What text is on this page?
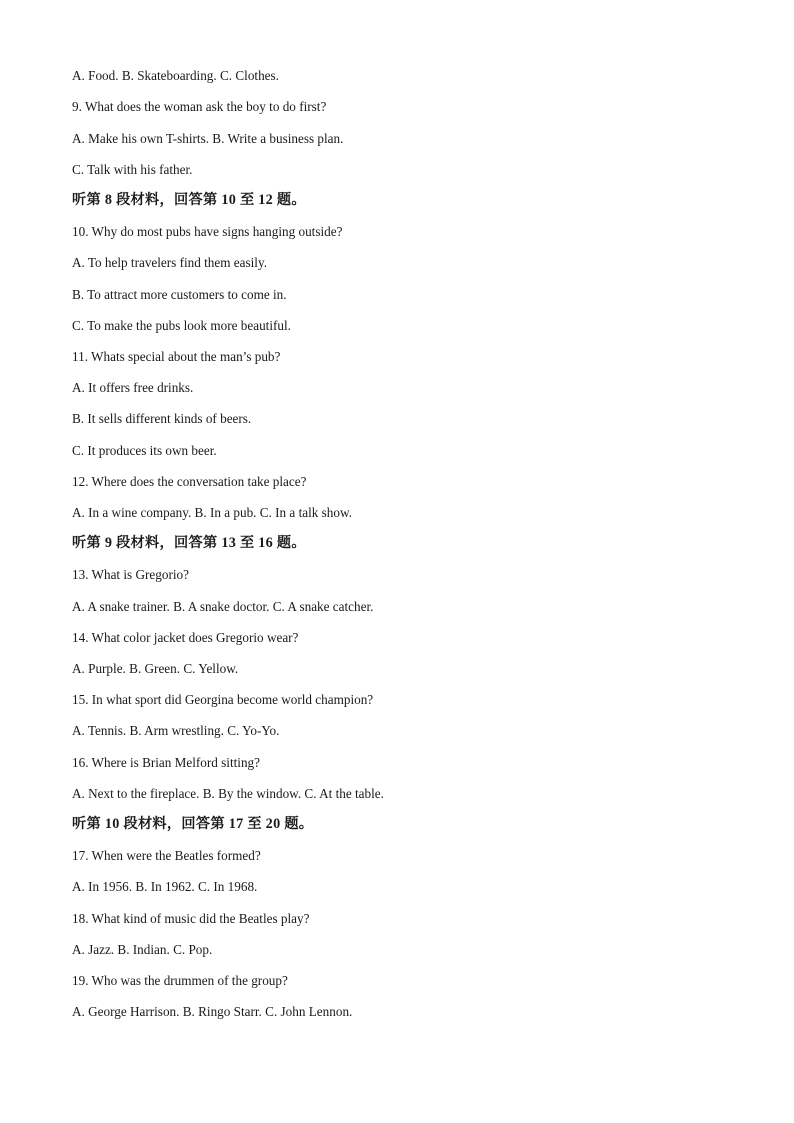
A. Food. B. Skateboarding. C. Clothes.
9. What does the woman ask the boy to do first?
A. Make his own T-shirts. B. Write a business plan.
C. Talk with his father.
听第 8 段材料，回答第 10 至 12 题。
10. Why do most pubs have signs hanging outside?
A. To help travelers find them easily.
B. To attract more customers to come in.
C. To make the pubs look more beautiful.
11. Whats special about the man’s pub?
A. It offers free drinks.
B. It sells different kinds of beers.
C. It produces its own beer.
12. Where does the conversation take place?
A. In a wine company. B. In a pub. C. In a talk show.
听第 9 段材料，回答第 13 至 16 题。
13. What is Gregorio?
A. A snake trainer. B. A snake doctor. C. A snake catcher.
14. What color jacket does Gregorio wear?
A. Purple. B. Green. C. Yellow.
15. In what sport did Georgina become world champion?
A. Tennis. B. Arm wrestling. C. Yo-Yo.
16. Where is Brian Melford sitting?
A. Next to the fireplace. B. By the window. C. At the table.
听第 10 段材料，回答第 17 至 20 题。
17. When were the Beatles formed?
A. In 1956. B. In 1962. C. In 1968.
18. What kind of music did the Beatles play?
A. Jazz. B. Indian. C. Pop.
19. Who was the drummen of the group?
A. George Harrison. B. Ringo Starr. C. John Lennon.
